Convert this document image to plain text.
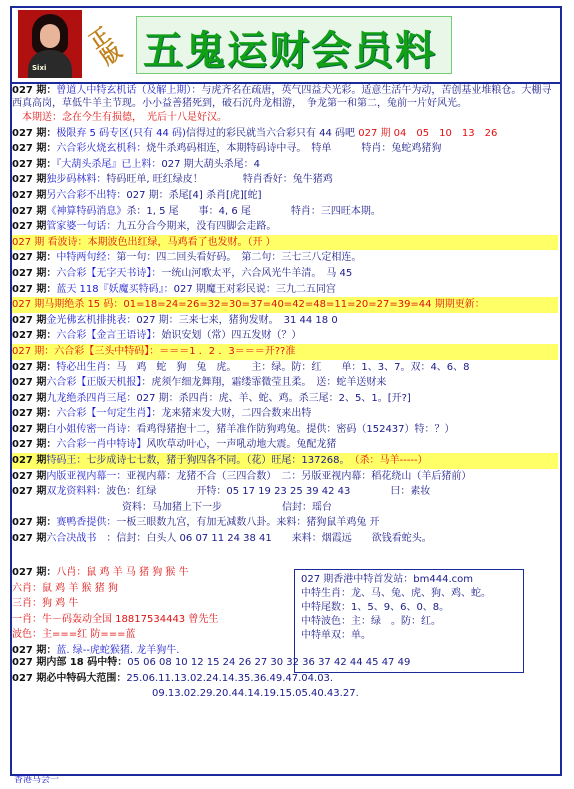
Sixi
正版 五鬼运财会员料
027 期：曾道人中特玄机话（及解上期）：与虎齐名在疏唐，英气四益犬光彩。适意生活午为动，苦创基业堆粮仓。大棚寻西真高岗，草低牛羊主节现。小小益善猪死到，破石沉舟龙相游，　争龙第一和第二，兔前一片好风光。
　本期送：念在今生有损德，　光后十八是好汉。
027 期：极限弃 5 码专区(只有 44 码)信得过的彩民就当六合彩只有 44 码吧 027 期 04　05　10　13　26
027 期：六合彩火烧玄机科：烧牛杀鸡码相连，本期特码诗中寻。　特单　　　特肖：兔蛇鸡猪狗
027 期：『大葫头杀尾』已上料：027 期大葫头杀尾：4
027 期独步码林料：特码旺单, 旺红绿皮！　　　　特肖香好：兔牛猪鸡
027 期另六合彩不出特：027 期：杀尾[4] 杀肖[虎][蛇]
027 期《神算特码消息》杀：1, 5 尾　　事：4, 6 尾　　　　特肖：三四旺本期。
027 期管家婆一句话：九五分合今期来，没有四脚会走路。
027 期 看波诗：本期波色出红绿，马鸡看了也发财。（开 ）
027 期：中特两句经：第一句：四二回头看好码。　第二句：三七三八定相连。
027 期：六合彩【无字天书诗】：一统山河歌太平，六合风光牛羊清。　马 45
027 期：蓝天 118『妖魔买特码』：027 期魔王对彩民说：三九二五同宫
027 期马期绝杀 15 码：01=18=24=26=32=30=37=40=42=48=11=20=27=39=44 期期更新：
027 期金光佛玄机排挑表：027 期：三来七来，猪狗发财。　31 44 18 0
027 期：六合彩【金言王语诗】：始识安划（常）四五发财（？）
027 期：六合彩【三头中特码】：＝＝＝1 ．2 ．3＝＝＝开??准
027 期：特必出生肖：马　鸡　蛇　狗　兔　虎。　　主：绿。防：红　　单：1、3、7。双：4、6、8
027 期六合彩【正版天机报】：虎须乍细龙舞翔，霜缕霏微莹且柔。　送：蛇羊送财来
027 期九龙绝杀四肖三尾：027 期：杀四肖：虎、羊、蛇、鸡。杀三尾：2、5、1。[开?]
027 期：六合彩【一句定生肖】：龙来猪来发大财，二四合数来出特
027 期白小姐传密一肖诗：看鸡得猪抱十二，猪羊准作防狗鸡兔。提供：密码（152437）特：？）
027 期：六合彩一肖中特诗】风吹草动叶心，一声吼动地大震。兔配龙猪
027 期特码王：七步成诗七七数，猪于狗四各不同。（花）旺尾：137268。　（杀：马羊-----）
027 期内版亚视内幕一：亚视内幕：龙猪不合（三四合数）　二：另版亚视内幕：稻花绕山（羊后猪前）
027 期双龙资料料：波色：红绿　　　　开特：05 17 19 23 25 39 42 43　　　　曰：素妆
　　　　　　　　　　　资料：马加猪上下一步　　　　　　信封：瑶台
027 期：赛鸭香提供：一板三眼数九宫，有加无减数八卦。来料：猪狗鼠羊鸡兔 开
027 期六合决战书　：信封：白头人 06 07 11 24 38 41　　来料：烟霞远　　欲钱看蛇头。
027 期：八肖：鼠 鸡 羊 马 猪 狗 猴 牛
六肖：鼠 鸡 羊 猴 猪 狗
三肖：狗 鸡 牛
一肖：牛－码轰动全国 18817534443 曾先生
波色：主===红 防===蓝
027 期：蓝. 绿--虎蛇猴猪. 龙羊狗牛.
027 期香港中特首发站：bm444.com
中特生肖：龙、马、兔、虎、狗、鸡、蛇。
中特尾数：1、5、9、6、0、8。
中特波色：主：绿　。防：红。
中特单双：单。
027 期内部 18 码中特：05 06 08 10 12 15 24 26 27 30 32 36 37 42 44 45 47 49
027 期必中特码大范围：25.06.11.13.02.24.14.35.36.49.47.04.03.
　　　　　　　　　　　　　　09.13.02.29.20.44.14.19.15.05.40.43.27.
香港马会一
